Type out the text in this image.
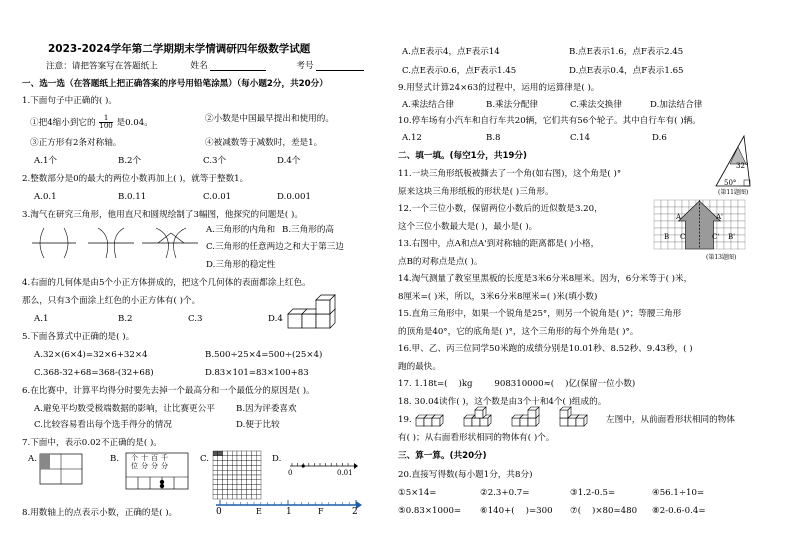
2023-2024学年第二学期期末学情调研四年级数学试题
注意：请把答案写在答题纸上	姓名	考号
一、选一选（在答题纸上把正确答案的序号用铅笔涂黑）（每小题2分，共20分）
1.下面句子中正确的( )。
①把4缩小到它的 $\frac{1}{100}$ 是0.04。	②小数是中国最早提出和使用的。
③正方形有2条对称轴。	④被减数等于减数时，差是1。
A.1个	B.2个	C.3个	D.4个
2.整数部分是0的最大的两位小数再加上( )，就等于整数1。
A.0.1	B.0.11	C.0.01	D.0.001
3.淘气在研究三角形，他用直尺和圆规绘制了3幅图，他探究的问题是( )。
A.三角形的内角和 B.三角形的高
C.三角形的任意两边之和大于第三边
D.三角形的稳定性
4.右面的几何体是由5个小正方体拼成的，把这个几何体的表面都涂上红色。
那么，只有3个面涂上红色的小正方体有( )个。
A.1	B.2	C.3	D.4
5.下面各算式中正确的是( )。
A.32×(6×4)=32×6+32×4	B.500÷25×4=500÷(25×4)
C.368-32+68=368-(32+68)	D.83×101=83×100+83
6.在比赛中，计算平均得分时要先去掉一个最高分和一个最低分的原因是( )。
A.避免平均数受极端数据的影响，让比赛更公平 B.因为评委喜欢
C.比较容易看出每个选手得分的情况	D.便于比较
7.下面中，表示0.02不正确的是( )。
A.	B. 个十百千
位分分分
C.	D.
0	0.01
8.用数轴上的点表示小数，正确的是( )。	0	E	1	F	2
A.点E表示4，点F表示14	B.点E表示1.6，点F表示2.45
C.点E表示0.6，点F表示1.45	D.点E表示0.4，点F表示1.65
9.用竖式计算24×63的过程中，运用的运算律是( )。
A.乘法结合律	B.乘法分配律	C.乘法交换律	D.加法结合律
10.停车场有小汽车和自行车共20辆，它们共有56个轮子。其中自行车有( )辆。
A.12	B.8	C.14	D.6
二、填一填。(每空1分，共19分)
11.一块三角形纸板被撕去了一个角(如右图)，这个角是( )°
原来这块三角形纸板的形状是( )三角形。
32°
50°
(第11题图)
12.一个三位小数，保留两位小数后的近似数是3.20，
这个三位小数最大是( )，最小是( )。
13.右图中，点A和点A'到对称轴的距离都是( )小格，
点B的对称点是点( )。
A	A'
B C	C' B'
(第13题图)
14.淘气测量了教室里黑板的长度是3米6分米8厘米。因为，6分米等于( )米，
8厘米=( )米，所以，3米6分米8厘米=( )米(填小数)
15.直角三角形中，如果一个锐角是25°，则另一个锐角是( )°；等腰三角形
的顶角是40°，它的底角是( )°，这个三角形的每个外角是( )°。
16.甲、乙、丙三位同学50米跑的成绩分别是10.01秒、8.52秒、9.43秒，( )
跑的最快。
17. 1.18t=(    )kg        908310000≈(    )亿(保留一位小数)
18. 30.04读作( )，这个数是由3个十和4个( )组成的。
19.	左图中，从前面看形状相同的物体
有( )；从右面看形状相同的物体有( )个。
三、算一算。(共20分)
20.直接写得数(每小题1分，共8分)
①5×14=	②2.3+0.7=	③1.2-0.5=	④56.1÷10=
⑤0.83×1000= ⑥140+(    )=300 ⑦(    )×80=480 ⑧2-0.6-0.4=
